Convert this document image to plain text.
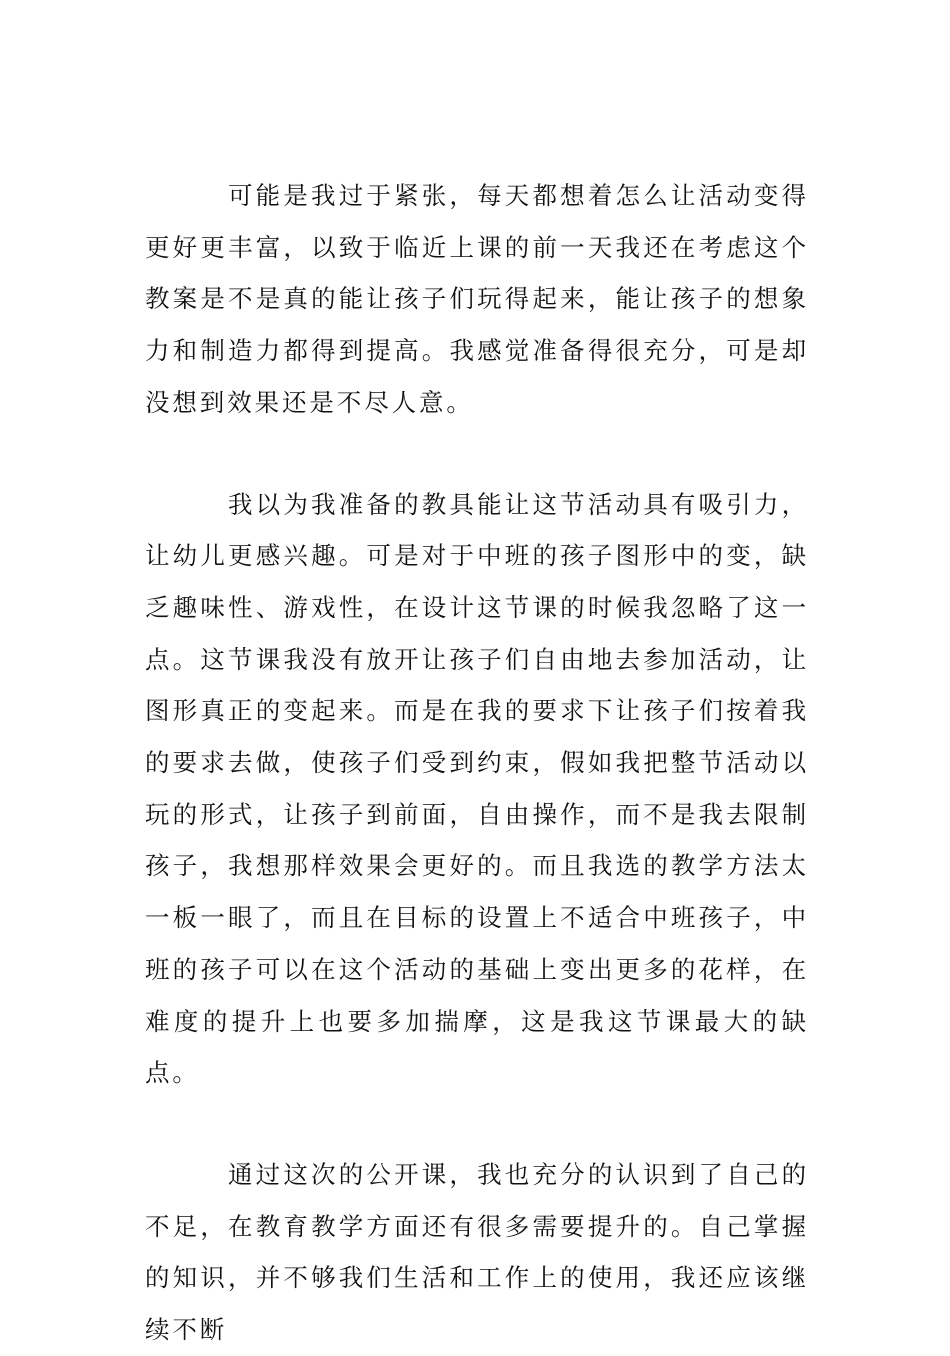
可能是我过于紧张，每天都想着怎么让活动变得更好更丰富，以致于临近上课的前一天我还在考虑这个教案是不是真的能让孩子们玩得起来，能让孩子的想象力和制造力都得到提高。我感觉准备得很充分，可是却没想到效果还是不尽人意。

我以为我准备的教具能让这节活动具有吸引力，让幼儿更感兴趣。可是对于中班的孩子图形中的变，缺乏趣味性、游戏性，在设计这节课的时候我忽略了这一点。这节课我没有放开让孩子们自由地去参加活动，让图形真正的变起来。而是在我的要求下让孩子们按着我的要求去做，使孩子们受到约束，假如我把整节活动以玩的形式，让孩子到前面，自由操作，而不是我去限制孩子，我想那样效果会更好的。而且我选的教学方法太一板一眼了，而且在目标的设置上不适合中班孩子，中班的孩子可以在这个活动的基础上变出更多的花样，在难度的提升上也要多加揣摩，这是我这节课最大的缺点。

通过这次的公开课，我也充分的认识到了自己的不足，在教育教学方面还有很多需要提升的。自己掌握的知识，并不够我们生活和工作上的使用，我还应该继续不断
